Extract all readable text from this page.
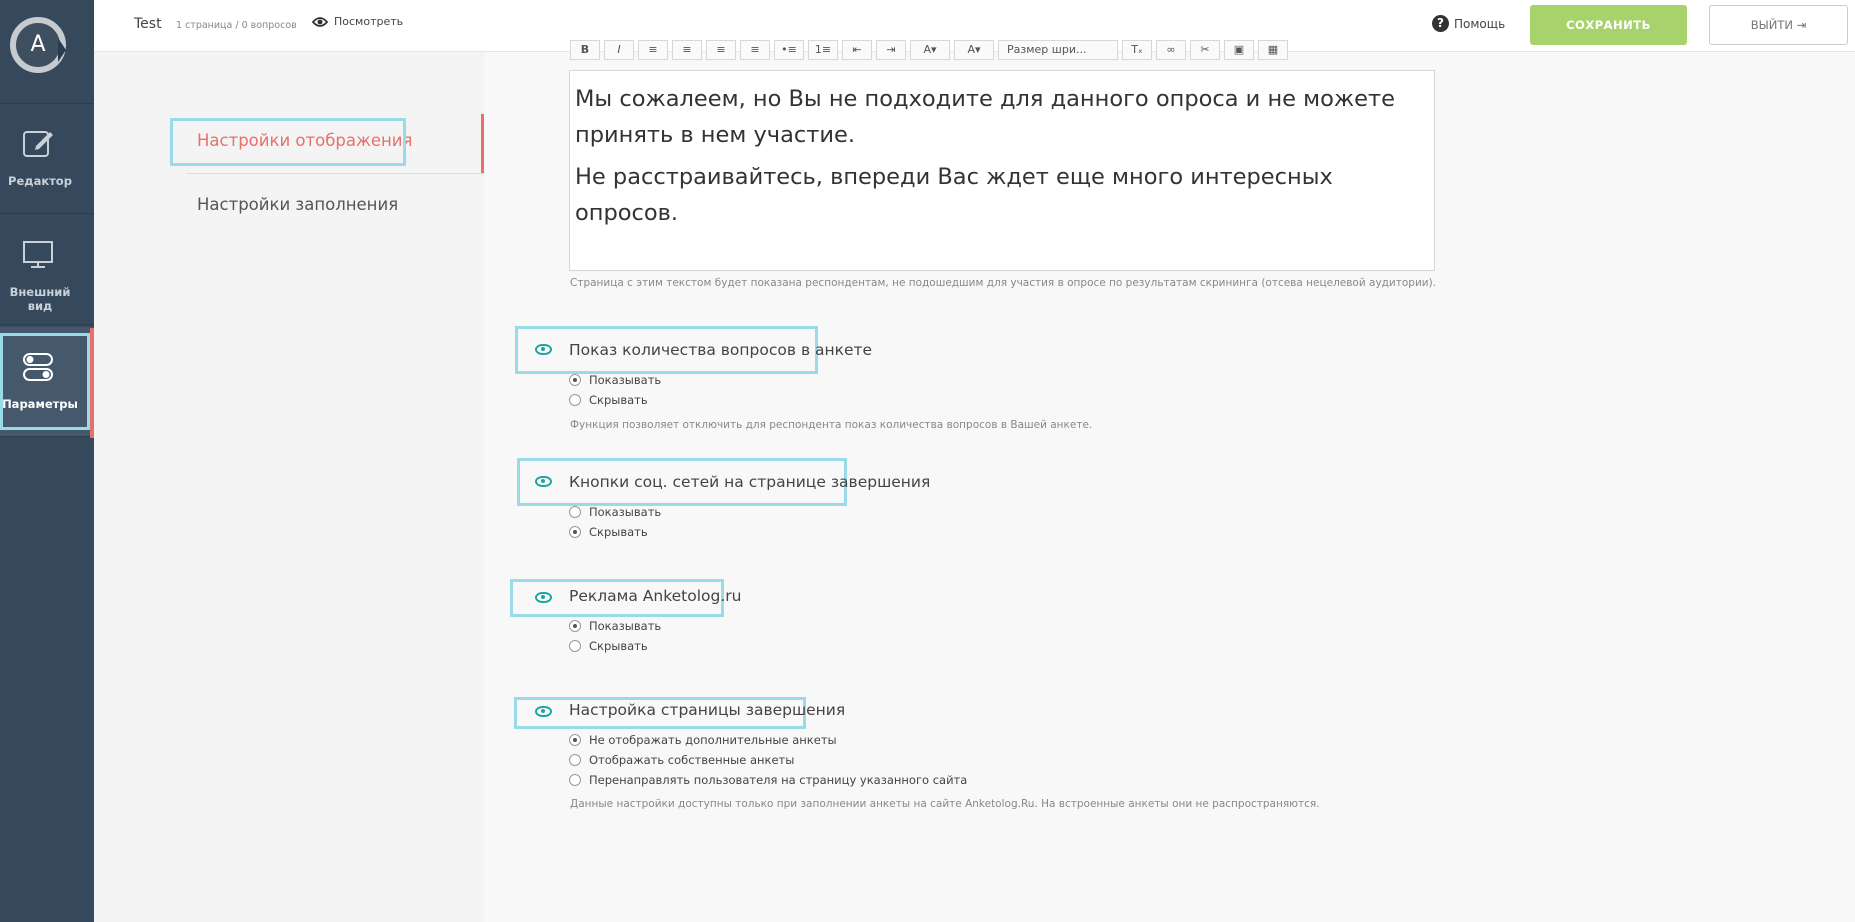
A
Редактор
Внешний вид
Параметры
Test 1 страница / 0 вопросов	Посмотреть	? Помощь	СОХРАНИТЬ	ВЫЙТИ ⇥
Настройки отображения
Настройки заполнения
B	I	≡	≡	≡	≡	•≡	1≡	⇤	⇥	A▾	A▾	Размер шри...	Tₓ	∞	✂	▣	▦

Мы сожалеем, но Вы не подходите для данного опроса и не можете принять в нем участие.

Не расстраивайтесь, впереди Вас ждет еще много интересных опросов.

Страница с этим текстом будет показана респондентам, не подошедшим для участия в опросе по результатам скрининга (отсева нецелевой аудитории).
Показ количества вопросов в анкете
Показывать
Скрывать
Функция позволяет отключить для респондента показ количества вопросов в Вашей анкете.
Кнопки соц. сетей на странице завершения
Показывать
Скрывать
Реклама Anketolog.ru
Показывать
Скрывать
Настройка страницы завершения
Не отображать дополнительные анкеты
Отображать собственные анкеты
Перенаправлять пользователя на страницу указанного сайта
Данные настройки доступны только при заполнении анкеты на сайте Anketolog.Ru. На встроенные анкеты они не распространяются.
